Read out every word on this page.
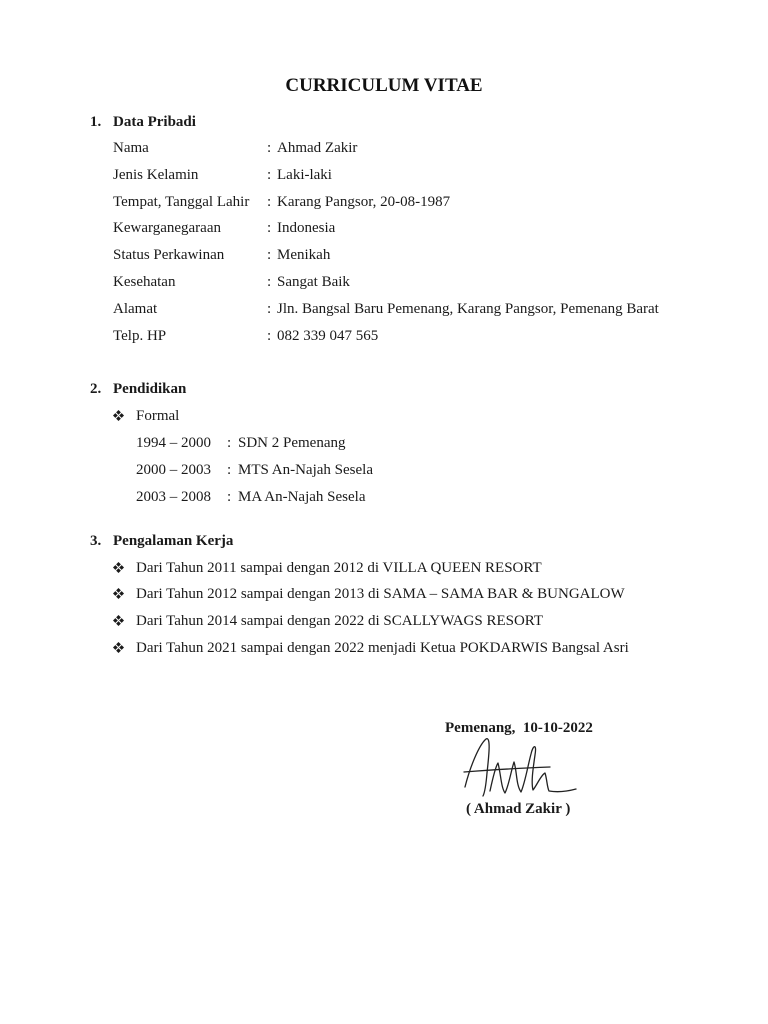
CURRICULUM VITAE
1. Data Pribadi
Nama	: Ahmad Zakir
Jenis Kelamin	: Laki-laki
Tempat, Tanggal Lahir : Karang Pangsor, 20-08-1987
Kewarganegaraan	: Indonesia
Status Perkawinan	: Menikah
Kesehatan	: Sangat Baik
Alamat	: Jln. Bangsal Baru Pemenang, Karang Pangsor, Pemenang Barat
Telp. HP	: 082 339 047 565
2. Pendidikan
Formal
1994 – 2000 : SDN 2 Pemenang
2000 – 2003 : MTS An-Najah Sesela
2003 – 2008 : MA An-Najah Sesela
3. Pengalaman Kerja
Dari Tahun 2011 sampai dengan 2012 di VILLA QUEEN RESORT
Dari Tahun 2012 sampai dengan 2013 di SAMA – SAMA BAR & BUNGALOW
Dari Tahun 2014 sampai dengan 2022 di SCALLYWAGS RESORT
Dari Tahun 2021 sampai dengan 2022 menjadi Ketua POKDARWIS Bangsal Asri
Pemenang,  10-10-2022
( Ahmad Zakir )
